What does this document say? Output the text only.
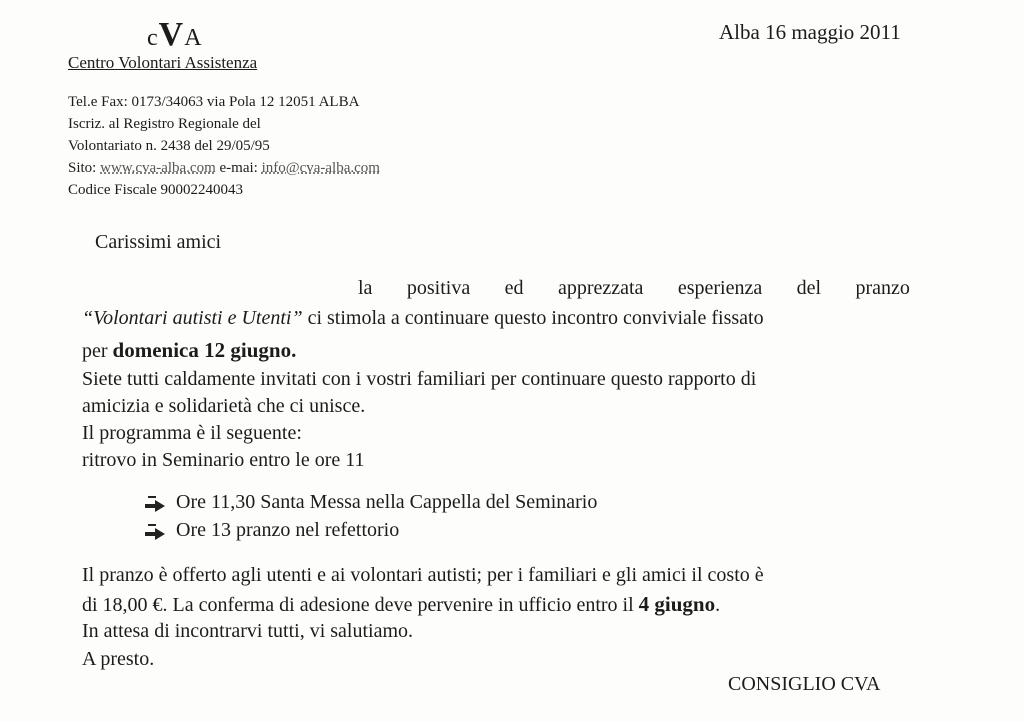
cVA
Centro Volontari Assistenza
Alba 16 maggio 2011
Tel.e Fax: 0173/34063 via Pola 12 12051 ALBA
Iscriz. al Registro Regionale del
Volontariato n. 2438 del 29/05/95
Sito: www.cva-alba.com e-mai: info@cva-alba.com
Codice Fiscale 90002240043
Carissimi amici
la positiva ed apprezzata esperienza del pranzo
“Volontari autisti e Utenti” ci stimola a continuare questo incontro conviviale fissato
per domenica 12 giugno.
Siete tutti caldamente invitati con i vostri familiari per continuare questo rapporto di
amicizia e solidarietà che ci unisce.
Il programma è il seguente:
ritrovo in Seminario entro le ore 11
Ore 11,30 Santa Messa nella Cappella del Seminario
Ore 13 pranzo nel refettorio
Il pranzo è offerto agli utenti e ai volontari autisti; per i familiari e gli amici il costo è
di 18,00 €. La conferma di adesione deve pervenire in ufficio entro il 4 giugno.
In attesa di incontrarvi tutti, vi salutiamo.
A presto.
CONSIGLIO CVA
